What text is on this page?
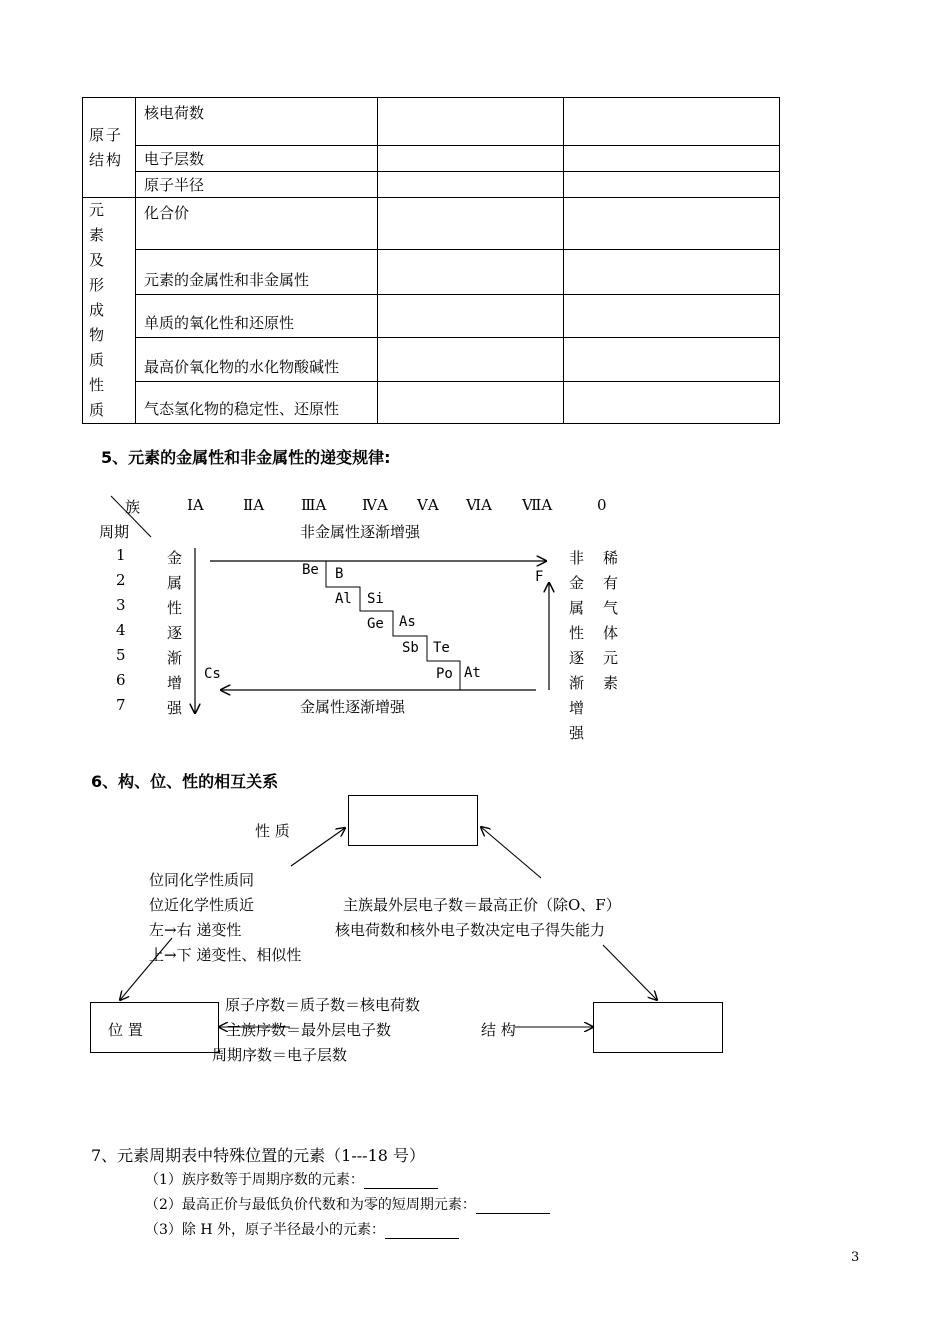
原子结构	核电荷数		

	电子层数		

	原子半径		

元素及形成物质性质	化合价		

	元素的金属性和非金属性		

	单质的氧化性和还原性		

	最高价氧化物的水化物酸碱性		

	气态氢化物的稳定性、还原性		

5、元素的金属性和非金属性的递变规律:
族
周期
ⅠA	ⅡA ⅢA ⅣA ⅤA ⅥA ⅦA	0
非金属性逐渐增强
1
2
3
4
5
6
7
金属性逐渐增强
非金属性逐渐增强
稀有气体元素
金属性逐渐增强
Be B
Al Si
Ge As
Sb Te
Po At
Cs
F
6、构、位、性的相互关系
性 质
位同化学性质同
位近化学性质近
左→右 递变性
上→下 递变性、相似性
主族最外层电子数＝最高正价（除O、F）
核电荷数和核外电子数决定电子得失能力
位 置	结 构
原子序数＝质子数＝核电荷数
主族序数＝最外层电子数
周期序数＝电子层数
7、元素周期表中特殊位置的元素（1---18 号）
（1）族序数等于周期序数的元素：
（2）最高正价与最低负价代数和为零的短周期元素：
（3）除 H 外，原子半径最小的元素：
3
